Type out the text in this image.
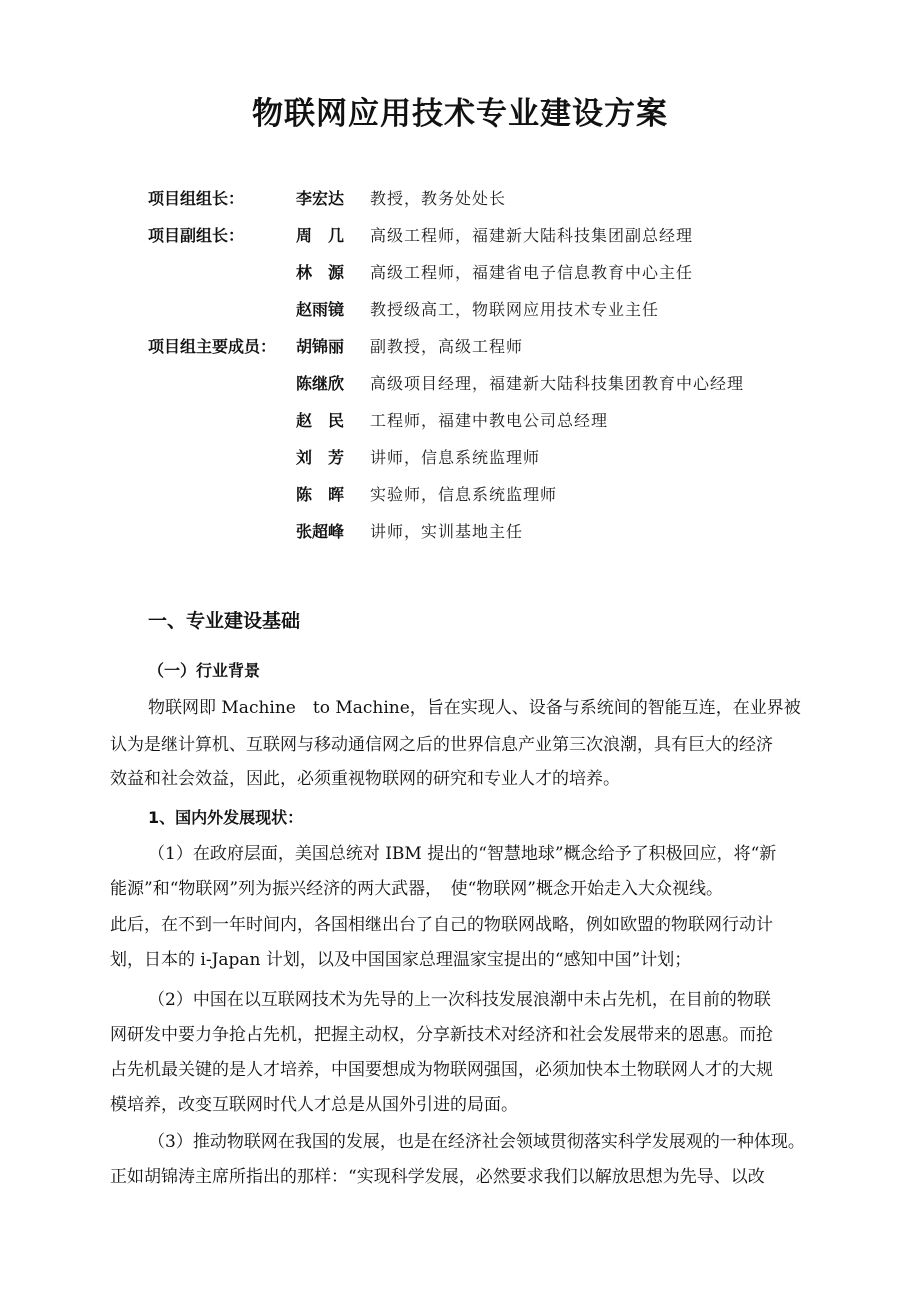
物联网应用技术专业建设方案
项目组组长：	李宏达 教授，教务处处长
项目副组长：	周　几 高级工程师，福建新大陆科技集团副总经理
林　源 高级工程师，福建省电子信息教育中心主任
赵雨镜 教授级高工，物联网应用技术专业主任
项目组主要成员： 胡锦丽 副教授，高级工程师
陈继欣 高级项目经理，福建新大陆科技集团教育中心经理
赵　民 工程师，福建中教电公司总经理
刘　芳 讲师，信息系统监理师
陈　晖 实验师，信息系统监理师
张超峰 讲师，实训基地主任
一、专业建设基础
（一）行业背景

物联网即 Machine　to Machine，旨在实现人、设备与系统间的智能互连，在业界被

认为是继计算机、互联网与移动通信网之后的世界信息产业第三次浪潮，具有巨大的经济

效益和社会效益，因此，必须重视物联网的研究和专业人才的培养。

1、国内外发展现状：

（1）在政府层面，美国总统对 IBM 提出的“智慧地球”概念给予了积极回应，将“新

能源”和“物联网”列为振兴经济的两大武器，　使“物联网”概念开始走入大众视线。

此后，在不到一年时间内，各国相继出台了自己的物联网战略，例如欧盟的物联网行动计

划，日本的 i-Japan 计划，以及中国国家总理温家宝提出的“感知中国”计划；

（2）中国在以互联网技术为先导的上一次科技发展浪潮中未占先机，在目前的物联

网研发中要力争抢占先机，把握主动权，分享新技术对经济和社会发展带来的恩惠。而抢

占先机最关键的是人才培养，中国要想成为物联网强国，必须加快本土物联网人才的大规

模培养，改变互联网时代人才总是从国外引进的局面。

（3）推动物联网在我国的发展，也是在经济社会领域贯彻落实科学发展观的一种体现。

正如胡锦涛主席所指出的那样：“实现科学发展，必然要求我们以解放思想为先导、以改
